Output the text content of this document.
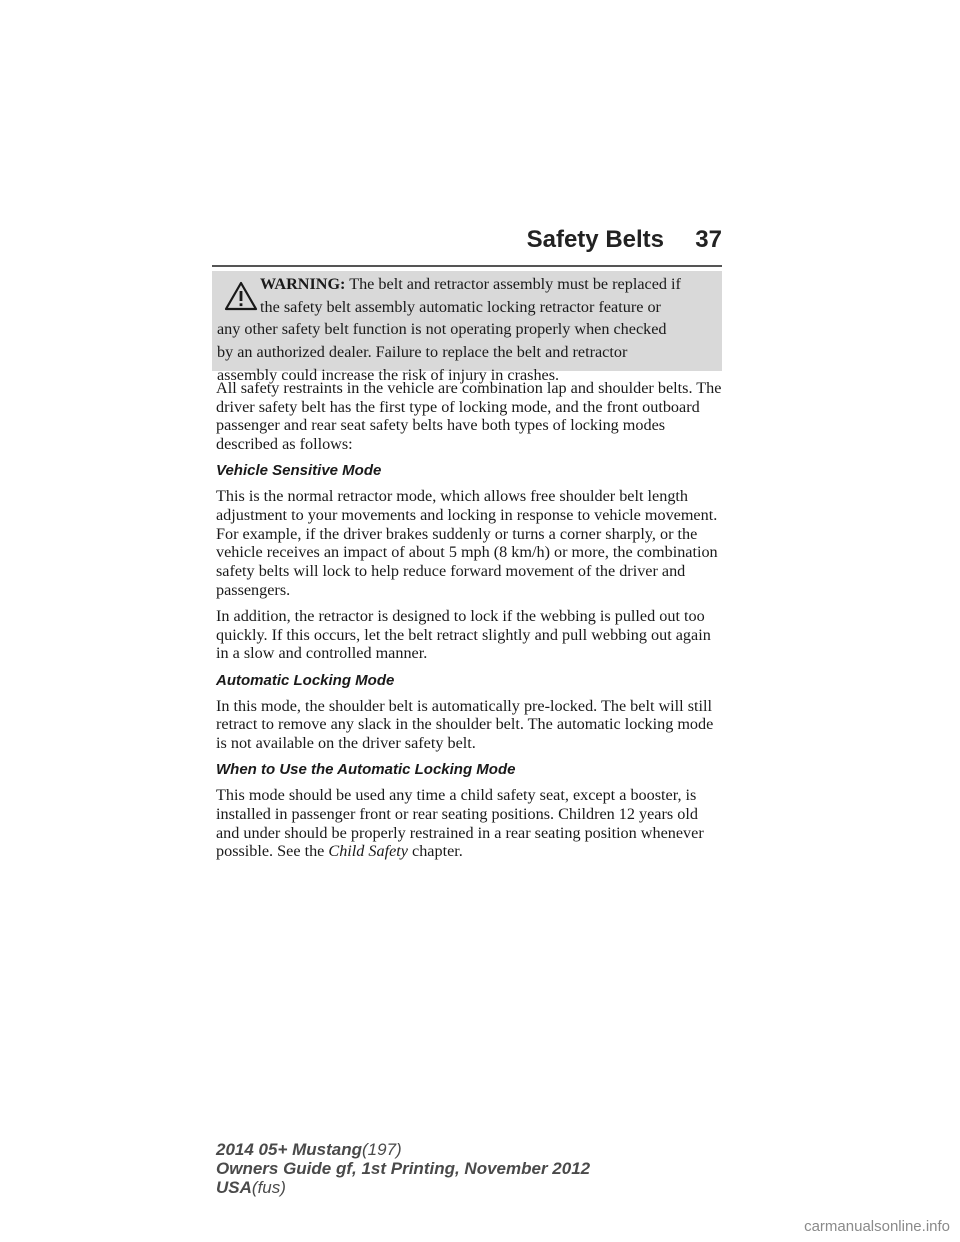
Safety Belts 37
WARNING: The belt and retractor assembly must be replaced if
the safety belt assembly automatic locking retractor feature or
any other safety belt function is not operating properly when checked
by an authorized dealer. Failure to replace the belt and retractor
assembly could increase the risk of injury in crashes.

All safety restraints in the vehicle are combination lap and shoulder belts. The driver safety belt has the first type of locking mode, and the front outboard passenger and rear seat safety belts have both types of locking modes described as follows:

Vehicle Sensitive Mode

This is the normal retractor mode, which allows free shoulder belt length adjustment to your movements and locking in response to vehicle movement. For example, if the driver brakes suddenly or turns a corner sharply, or the vehicle receives an impact of about 5 mph (8 km/h) or more, the combination safety belts will lock to help reduce forward movement of the driver and passengers.

In addition, the retractor is designed to lock if the webbing is pulled out too quickly. If this occurs, let the belt retract slightly and pull webbing out again in a slow and controlled manner.

Automatic Locking Mode

In this mode, the shoulder belt is automatically pre-locked. The belt will still retract to remove any slack in the shoulder belt. The automatic locking mode is not available on the driver safety belt.

When to Use the Automatic Locking Mode

This mode should be used any time a child safety seat, except a booster, is installed in passenger front or rear seating positions. Children 12 years old and under should be properly restrained in a rear seating position whenever possible. See the Child Safety chapter.

2014 05+ Mustang(197)
Owners Guide gf, 1st Printing, November 2012
USA(fus)
carmanualsonline.info
